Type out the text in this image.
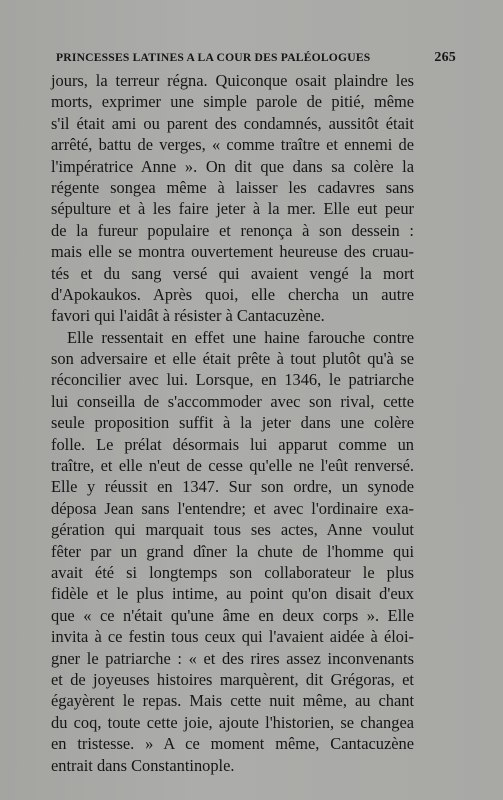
PRINCESSES LATINES A LA COUR DES PALÉOLOGUES	265
jours, la terreur régna. Quiconque osait plaindre les
morts, exprimer une simple parole de pitié, même
s'il était ami ou parent des condamnés, aussitôt était
arrêté, battu de verges, « comme traître et ennemi de
l'impératrice Anne ». On dit que dans sa colère la
régente songea même à laisser les cadavres sans
sépulture et à les faire jeter à la mer. Elle eut peur
de la fureur populaire et renonça à son dessein :
mais elle se montra ouvertement heureuse des cruau-
tés et du sang versé qui avaient vengé la mort
d'Apokaukos. Après quoi, elle chercha un autre
favori qui l'aidât à résister à Cantacuzène.
Elle ressentait en effet une haine farouche contre
son adversaire et elle était prête à tout plutôt qu'à se
réconcilier avec lui. Lorsque, en 1346, le patriarche
lui conseilla de s'accommoder avec son rival, cette
seule proposition suffit à la jeter dans une colère
folle. Le prélat désormais lui apparut comme un
traître, et elle n'eut de cesse qu'elle ne l'eût renversé.
Elle y réussit en 1347. Sur son ordre, un synode
déposa Jean sans l'entendre; et avec l'ordinaire exa-
gération qui marquait tous ses actes, Anne voulut
fêter par un grand dîner la chute de l'homme qui
avait été si longtemps son collaborateur le plus
fidèle et le plus intime, au point qu'on disait d'eux
que « ce n'était qu'une âme en deux corps ». Elle
invita à ce festin tous ceux qui l'avaient aidée à éloi-
gner le patriarche : « et des rires assez inconvenants
et de joyeuses histoires marquèrent, dit Grégoras, et
égayèrent le repas. Mais cette nuit même, au chant
du coq, toute cette joie, ajoute l'historien, se changea
en tristesse. » A ce moment même, Cantacuzène
entrait dans Constantinople.
